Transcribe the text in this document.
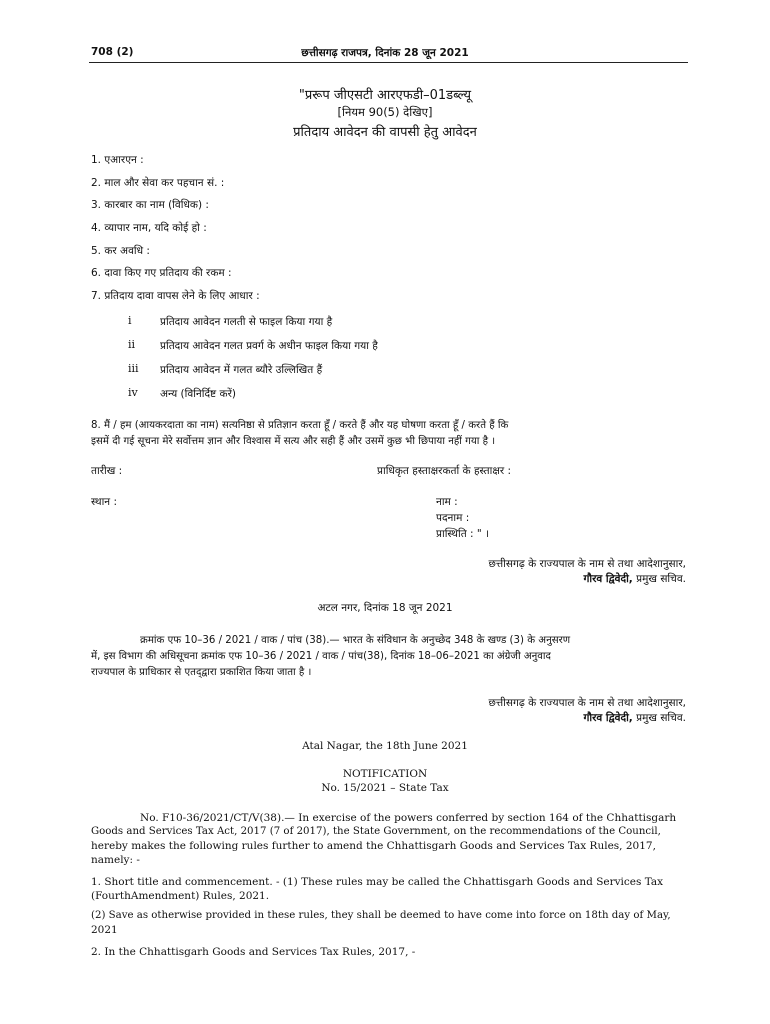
708 (2)	छत्तीसगढ़ राजपत्र, दिनांक 28 जून 2021
"प्ररूप जीएसटी आरएफडी–01डब्ल्यू
[नियम 90(5) देखिए]
प्रतिदाय आवेदन की वापसी हेतु आवेदन
1. एआरएन :
2. माल और सेवा कर पहचान सं. :
3. कारबार का नाम (विधिक) :
4. व्यापार नाम, यदि कोई हो :
5. कर अवधि :
6. दावा किए गए प्रतिदाय की रकम :
7. प्रतिदाय दावा वापस लेने के लिए आधार :
i	प्रतिदाय आवेदन गलती से फाइल किया गया है
ii प्रतिदाय आवेदन गलत प्रवर्ग के अधीन फाइल किया गया है
iii प्रतिदाय आवेदन में गलत ब्यौरे उल्लिखित हैं
iv अन्य (विनिर्दिष्ट करें)
8. मैं / हम (आयकरदाता का नाम) सत्यनिष्ठा से प्रतिज्ञान करता हूँ / करते हैं और यह घोषणा करता हूँ / करते हैं कि
इसमें दी गई सूचना मेरे सर्वोत्तम ज्ञान और विश्वास में सत्य और सही हैं और उसमें कुछ भी छिपाया नहीं गया है ।
तारीख :	प्राधिकृत हस्ताक्षरकर्ता के हस्ताक्षर :
स्थान :	नाम :
पदनाम :
प्रास्थिति : " ।
छत्तीसगढ़ के राज्यपाल के नाम से तथा आदेशानुसार,
गौरव द्विवेदी, प्रमुख सचिव.
अटल नगर, दिनांक 18 जून 2021
क्रमांक एफ 10–36 / 2021 / वाक / पांच (38).— भारत के संविधान के अनुच्छेद 348 के खण्ड (3) के अनुसरण
में, इस विभाग की अधिसूचना क्रमांक एफ 10–36 / 2021 / वाक / पांच(38), दिनांक 18–06–2021 का अंग्रेजी अनुवाद
राज्यपाल के प्राधिकार से एतद्‌द्वारा प्रकाशित किया जाता है ।
छत्तीसगढ़ के राज्यपाल के नाम से तथा आदेशानुसार,
गौरव द्विवेदी, प्रमुख सचिव.
Atal Nagar, the 18th June 2021
NOTIFICATION
No. 15/2021 – State Tax
No. F10-36/2021/CT/V(38).— In exercise of the powers conferred by section 164 of the Chhattisgarh
Goods and Services Tax Act, 2017 (7 of 2017), the State Government, on the recommendations of the Council,
hereby makes the following rules further to amend the Chhattisgarh Goods and Services Tax Rules, 2017,
namely: -
1. Short title and commencement. - (1) These rules may be called the Chhattisgarh Goods and Services Tax
(FourthAmendment) Rules, 2021.
(2) Save as otherwise provided in these rules, they shall be deemed to have come into force on 18th day of May,
2021
2. In the Chhattisgarh Goods and Services Tax Rules, 2017, -
